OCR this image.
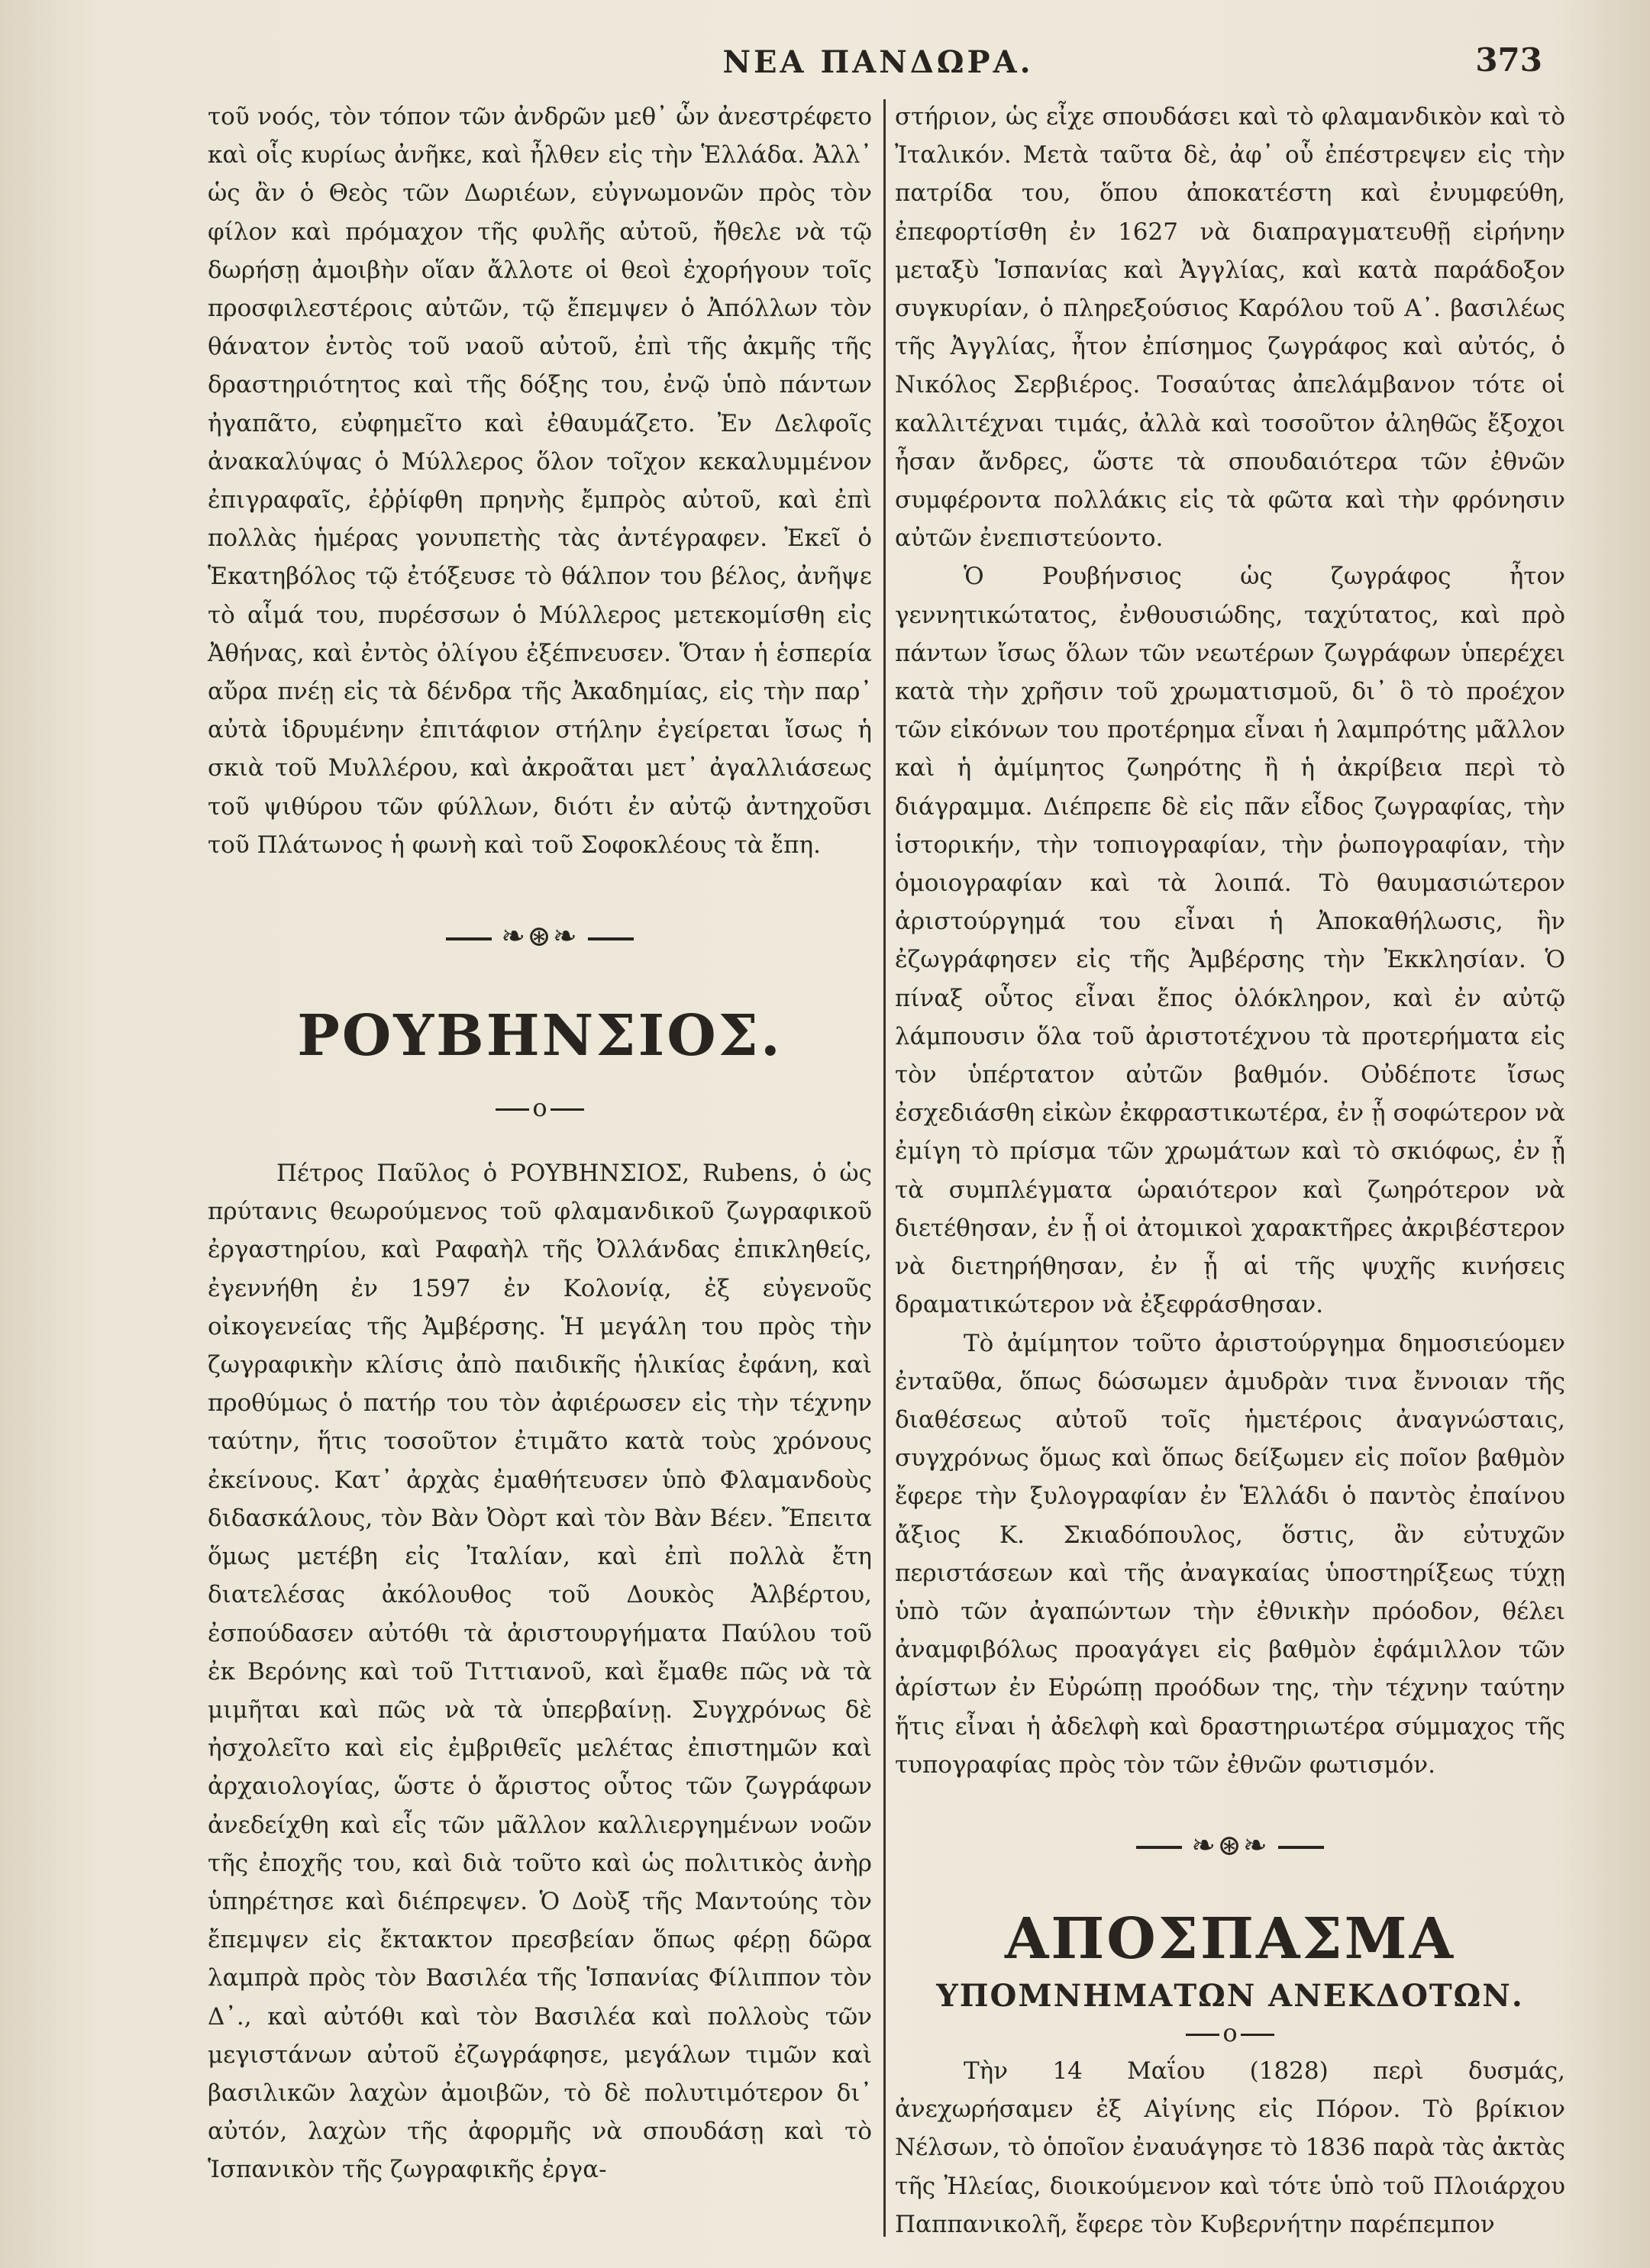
ΝΕΑ ΠΑΝΔΩΡΑ.	373

τοῦ νοός, τὸν τόπον τῶν ἀνδρῶν μεθ᾽ ὧν ἀνεστρέφετο καὶ οἷς κυρίως ἀνῆκε, καὶ ἦλθεν εἰς τὴν Ἑλλάδα. Ἀλλ᾽ ὡς ἂν ὁ Θεὸς τῶν Δωριέων, εὐγνωμονῶν πρὸς τὸν φίλον καὶ πρόμαχον τῆς φυλῆς αὐτοῦ, ἤθελε νὰ τῷ δωρήσῃ ἀμοιβὴν οἵαν ἄλλοτε οἱ θεοὶ ἐχορήγουν τοῖς προσφιλεστέροις αὐτῶν, τῷ ἔπεμψεν ὁ Ἀπόλλων τὸν θάνατον ἐντὸς τοῦ ναοῦ αὐτοῦ, ἐπὶ τῆς ἀκμῆς τῆς δραστηριότητος καὶ τῆς δόξης του, ἐνῷ ὑπὸ πάντων ἠγαπᾶτο, εὐφημεῖτο καὶ ἐθαυμάζετο. Ἐν Δελφοῖς ἀνακαλύψας ὁ Μύλλερος ὅλον τοῖχον κεκαλυμμένον ἐπιγραφαῖς, ἐῤῥίφθη πρηνὴς ἔμπρὸς αὐτοῦ, καὶ ἐπὶ πολλὰς ἡμέρας γονυπετὴς τὰς ἀντέγραφεν. Ἐκεῖ ὁ Ἑκατηβόλος τῷ ἐτόξευσε τὸ θάλπον του βέλος, ἀνῆψε τὸ αἷμά του, πυρέσσων ὁ Μύλλερος μετεκομίσθη εἰς Ἀθήνας, καὶ ἐντὸς ὀλίγου ἐξέπνευσεν. Ὅταν ἡ ἑσπερία αὔρα πνέῃ εἰς τὰ δένδρα τῆς Ἀκαδημίας, εἰς τὴν παρ᾽ αὐτὰ ἱδρυμένην ἐπιτάφιον στήλην ἐγείρεται ἴσως ἡ σκιὰ τοῦ Μυλλέρου, καὶ ἀκροᾶται μετ᾽ ἀγαλλιάσεως τοῦ ψιθύρου τῶν φύλλων, διότι ἐν αὐτῷ ἀντηχοῦσι τοῦ Πλάτωνος ἡ φωνὴ καὶ τοῦ Σοφοκλέους τὰ ἔπη.

❧⊛❧
ΡΟΥΒΗΝΣΙΟΣ.
o

Πέτρος Παῦλος ὁ ΡΟΥΒΗΝΣΙΟΣ, Rubens, ὁ ὡς πρύτανις θεωρούμενος τοῦ φλαμανδικοῦ ζωγραφικοῦ ἐργαστηρίου, καὶ Ραφαὴλ τῆς Ὀλλάνδας ἐπικληθείς, ἐγεννήθη ἐν 1597 ἐν Κολονίᾳ, ἐξ εὐγενοῦς οἰκογενείας τῆς Ἀμβέρσης. Ἡ μεγάλη του πρὸς τὴν ζωγραφικὴν κλίσις ἀπὸ παιδικῆς ἡλικίας ἐφάνη, καὶ προθύμως ὁ πατήρ του τὸν ἀφιέρωσεν εἰς τὴν τέχνην ταύτην, ἥτις τοσοῦτον ἐτιμᾶτο κατὰ τοὺς χρόνους ἐκείνους. Κατ᾽ ἀρχὰς ἐμαθήτευσεν ὑπὸ Φλαμανδοὺς διδασκάλους, τὸν Βὰν Ὀὸρτ καὶ τὸν Βὰν Βέεν. Ἔπειτα ὅμως μετέβη εἰς Ἰταλίαν, καὶ ἐπὶ πολλὰ ἔτη διατελέσας ἀκόλουθος τοῦ Δουκὸς Ἀλβέρτου, ἐσπούδασεν αὐτόθι τὰ ἀριστουργήματα Παύλου τοῦ ἐκ Βερόνης καὶ τοῦ Τιττιανοῦ, καὶ ἔμαθε πῶς νὰ τὰ μιμῆται καὶ πῶς νὰ τὰ ὑπερβαίνῃ. Συγχρόνως δὲ ἠσχολεῖτο καὶ εἰς ἐμβριθεῖς μελέτας ἐπιστημῶν καὶ ἀρχαιολογίας, ὥστε ὁ ἄριστος οὗτος τῶν ζωγράφων ἀνεδείχθη καὶ εἷς τῶν μᾶλλον καλλιεργημένων νοῶν τῆς ἐποχῆς του, καὶ διὰ τοῦτο καὶ ὡς πολιτικὸς ἀνὴρ ὑπηρέτησε καὶ διέπρεψεν. Ὁ Δοὺξ τῆς Μαντούης τὸν ἔπεμψεν εἰς ἔκτακτον πρεσβείαν ὅπως φέρῃ δῶρα λαμπρὰ πρὸς τὸν Βασιλέα τῆς Ἱσπανίας Φίλιππον τὸν Δ᾽., καὶ αὐτόθι καὶ τὸν Βασιλέα καὶ πολλοὺς τῶν μεγιστάνων αὐτοῦ ἐζωγράφησε, μεγάλων τιμῶν καὶ βασιλικῶν λαχὼν ἀμοιβῶν, τὸ δὲ πολυτιμότερον δι᾽ αὐτόν, λαχὼν τῆς ἀφορμῆς νὰ σπουδάσῃ καὶ τὸ Ἱσπανικὸν τῆς ζωγραφικῆς ἐργα-

στήριον, ὡς εἶχε σπουδάσει καὶ τὸ φλαμανδικὸν καὶ τὸ Ἰταλικόν. Μετὰ ταῦτα δὲ, ἀφ᾽ οὗ ἐπέστρεψεν εἰς τὴν πατρίδα του, ὅπου ἀποκατέστη καὶ ἐνυμφεύθη, ἐπεφορτίσθη ἐν 1627 νὰ διαπραγματευθῇ εἰρήνην μεταξὺ Ἱσπανίας καὶ Ἀγγλίας, καὶ κατὰ παράδοξον συγκυρίαν, ὁ πληρεξούσιος Καρόλου τοῦ Α᾽. βασιλέως τῆς Ἀγγλίας, ἦτον ἐπίσημος ζωγράφος καὶ αὐτός, ὁ Νικόλος Σερβιέρος. Τοσαύτας ἀπελάμβανον τότε οἱ καλλιτέχναι τιμάς, ἀλλὰ καὶ τοσοῦτον ἀληθῶς ἔξοχοι ἦσαν ἄνδρες, ὥστε τὰ σπουδαιότερα τῶν ἐθνῶν συμφέροντα πολλάκις εἰς τὰ φῶτα καὶ τὴν φρόνησιν αὐτῶν ἐνεπιστεύοντο.

Ὁ Ρουβήνσιος ὡς ζωγράφος ἦτον γεννητικώτατος, ἐνθουσιώδης, ταχύτατος, καὶ πρὸ πάντων ἴσως ὅλων τῶν νεωτέρων ζωγράφων ὑπερέχει κατὰ τὴν χρῆσιν τοῦ χρωματισμοῦ, δι᾽ ὃ τὸ προέχον τῶν εἰκόνων του προτέρημα εἶναι ἡ λαμπρότης μᾶλλον καὶ ἡ ἀμίμητος ζωηρότης ἢ ἡ ἀκρίβεια περὶ τὸ διάγραμμα. Διέπρεπε δὲ εἰς πᾶν εἶδος ζωγραφίας, τὴν ἱστορικήν, τὴν τοπιογραφίαν, τὴν ῥωπογραφίαν, τὴν ὁμοιογραφίαν καὶ τὰ λοιπά. Τὸ θαυμασιώτερον ἀριστούργημά του εἶναι ἡ Ἀποκαθήλωσις, ἣν ἐζωγράφησεν εἰς τῆς Ἀμβέρσης τὴν Ἐκκλησίαν. Ὁ πίναξ οὗτος εἶναι ἔπος ὁλόκληρον, καὶ ἐν αὐτῷ λάμπουσιν ὅλα τοῦ ἀριστοτέχνου τὰ προτερήματα εἰς τὸν ὑπέρτατον αὐτῶν βαθμόν. Οὐδέποτε ἴσως ἐσχεδιάσθη εἰκὼν ἐκφραστικωτέρα, ἐν ᾗ σοφώτερον νὰ ἐμίγη τὸ πρίσμα τῶν χρωμάτων καὶ τὸ σκιόφως, ἐν ᾗ τὰ συμπλέγματα ὡραιότερον καὶ ζωηρότερον νὰ διετέθησαν, ἐν ᾗ οἱ ἀτομικοὶ χαρακτῆρες ἀκριβέστερον νὰ διετηρήθησαν, ἐν ᾗ αἱ τῆς ψυχῆς κινήσεις δραματικώτερον νὰ ἐξεφράσθησαν.

Τὸ ἀμίμητον τοῦτο ἀριστούργημα δημοσιεύομεν ἐνταῦθα, ὅπως δώσωμεν ἀμυδρὰν τινα ἔννοιαν τῆς διαθέσεως αὐτοῦ τοῖς ἡμετέροις ἀναγνώσταις, συγχρόνως ὅμως καὶ ὅπως δείξωμεν εἰς ποῖον βαθμὸν ἔφερε τὴν ξυλογραφίαν ἐν Ἑλλάδι ὁ παντὸς ἐπαίνου ἄξιος Κ. Σκιαδόπουλος, ὅστις, ἂν εὐτυχῶν περιστάσεων καὶ τῆς ἀναγκαίας ὑποστηρίξεως τύχῃ ὑπὸ τῶν ἀγαπώντων τὴν ἐθνικὴν πρόοδον, θέλει ἀναμφιβόλως προαγάγει εἰς βαθμὸν ἐφάμιλλον τῶν ἀρίστων ἐν Εὐρώπῃ προόδων της, τὴν τέχνην ταύτην ἥτις εἶναι ἡ ἀδελφὴ καὶ δραστηριωτέρα σύμμαχος τῆς τυπογραφίας πρὸς τὸν τῶν ἐθνῶν φωτισμόν.

❧⊛❧
ΑΠΟΣΠΑΣΜΑ
ΥΠΟΜΝΗΜΑΤΩΝ ΑΝΕΚΔΟΤΩΝ.
o

Τὴν 14 Μαΐου (1828) περὶ δυσμάς, ἀνεχωρήσαμεν ἐξ Αἰγίνης εἰς Πόρον. Τὸ βρίκιον Νέλσων, τὸ ὁποῖον ἐναυάγησε τὸ 1836 παρὰ τὰς ἀκτὰς τῆς Ἠλείας, διοικούμενον καὶ τότε ὑπὸ τοῦ Πλοιάρχου Παππανικολῆ, ἔφερε τὸν Κυβερνήτην παρέπεμπον
